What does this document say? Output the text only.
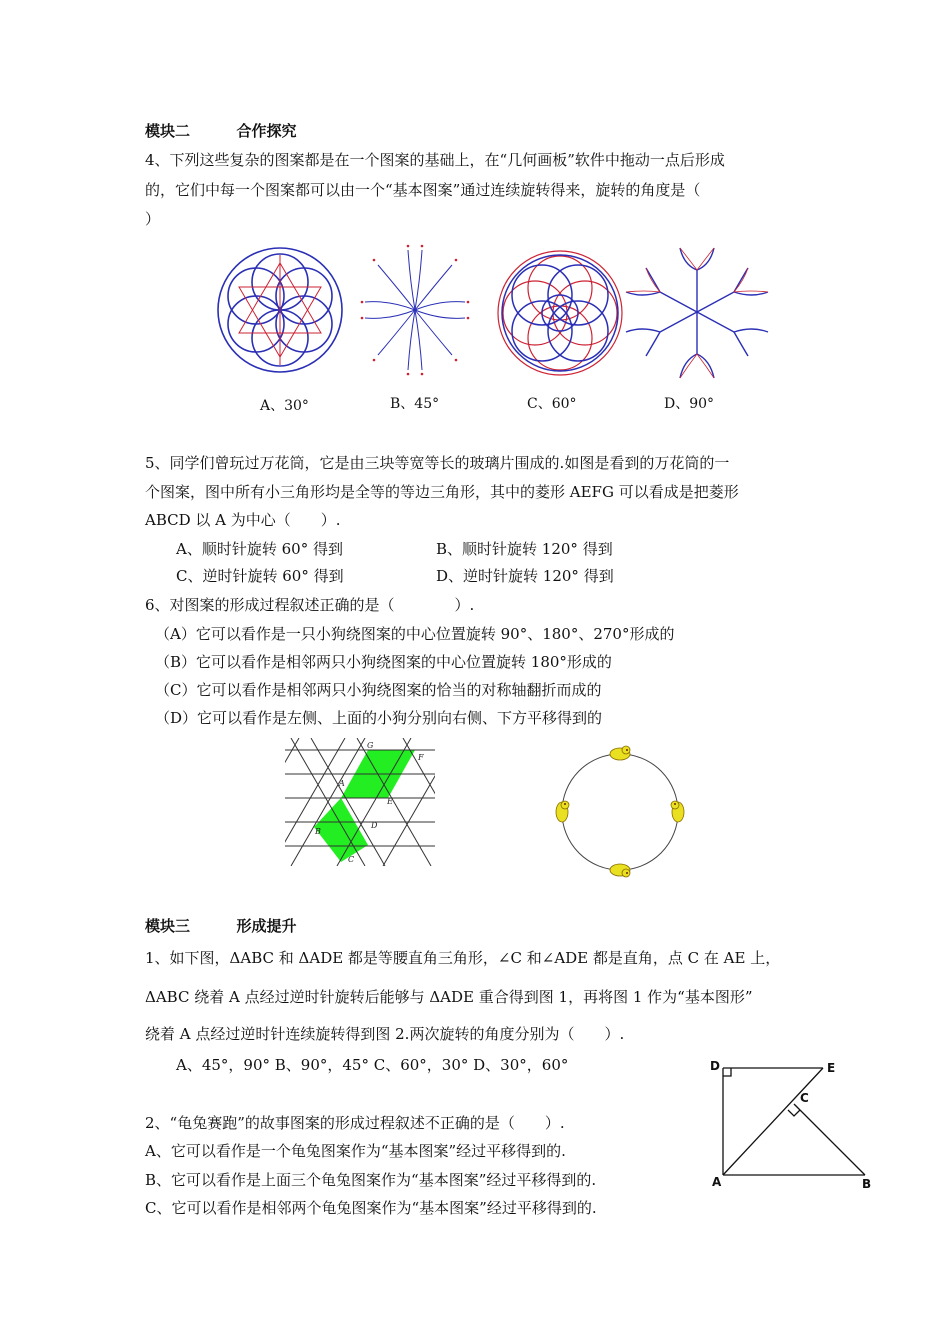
模块二	合作探究
4、下列这些复杂的图案都是在一个图案的基础上，在“几何画板”软件中拖动一点后形成
的，它们中每一个图案都可以由一个“基本图案”通过连续旋转得来，旋转的角度是（
）
A、30°	B、45°	C、60°	D、90°
5、同学们曾玩过万花筒，它是由三块等宽等长的玻璃片围成的.如图是看到的万花筒的一
个图案，图中所有小三角形均是全等的等边三角形，其中的菱形 AEFG 可以看成是把菱形
ABCD 以 A 为中心（　　）.
A、顺时针旋转 60° 得到	B、顺时针旋转 120° 得到
C、逆时针旋转 60° 得到	D、逆时针旋转 120° 得到
6、对图案的形成过程叙述正确的是（　　　　）.
（A）它可以看作是一只小狗绕图案的中心位置旋转 90°、180°、270°形成的
（B）它可以看作是相邻两只小狗绕图案的中心位置旋转 180°形成的
（C）它可以看作是相邻两只小狗绕图案的恰当的对称轴翻折而成的
（D）它可以看作是左侧、上面的小狗分别向右侧、下方平移得到的
G
F
A
E
B
D
C
模块三	形成提升
1、如下图，ΔABC 和 ΔADE 都是等腰直角三角形，∠C 和∠ADE 都是直角，点 C 在 AE 上，
ΔABC 绕着 A 点经过逆时针旋转后能够与 ΔADE 重合得到图 1，再将图 1 作为“基本图形”
绕着 A 点经过逆时针连续旋转得到图 2.两次旋转的角度分别为（　　）.
A、45°，90° B、90°，45° C、60°，30° D、30°，60°	D	E
C
A	B
2、“龟兔赛跑”的故事图案的形成过程叙述不正确的是（　　）.
A、它可以看作是一个龟兔图案作为“基本图案”经过平移得到的.
B、它可以看作是上面三个龟兔图案作为“基本图案”经过平移得到的.
C、它可以看作是相邻两个龟兔图案作为“基本图案”经过平移得到的.
